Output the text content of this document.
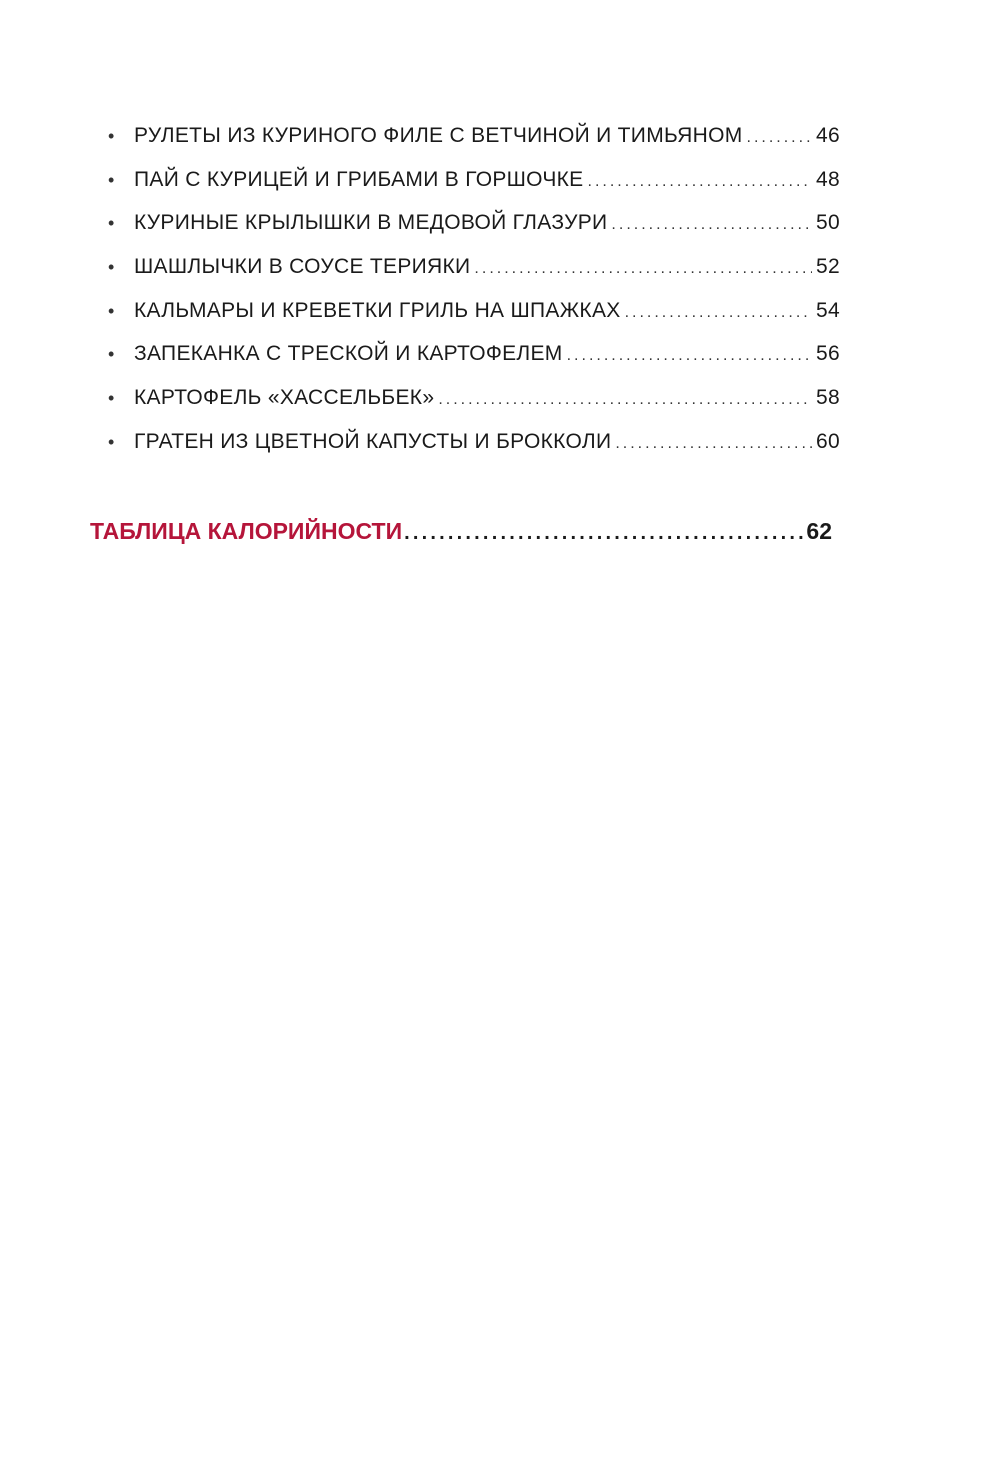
• РУЛЕТЫ ИЗ КУРИНОГО ФИЛЕ С ВЕТЧИНОЙ И ТИМЬЯНОМ .....	46
• ПАЙ С КУРИЦЕЙ И ГРИБАМИ В ГОРШОЧКЕ .....	48
• КУРИНЫЕ КРЫЛЫШКИ В МЕДОВОЙ ГЛАЗУРИ .....	50
• ШАШЛЫЧКИ В СОУСЕ ТЕРИЯКИ .....	52
• КАЛЬМАРЫ И КРЕВЕТКИ ГРИЛЬ НА ШПАЖКАХ .....	54
• ЗАПЕКАНКА С ТРЕСКОЙ И КАРТОФЕЛЕМ .....	56
• КАРТОФЕЛЬ «ХАССЕЛЬБЕК» .....	58
• ГРАТЕН ИЗ ЦВЕТНОЙ КАПУСТЫ И БРОККОЛИ .....	60
ТАБЛИЦА КАЛОРИЙНОСТИ .....	62
